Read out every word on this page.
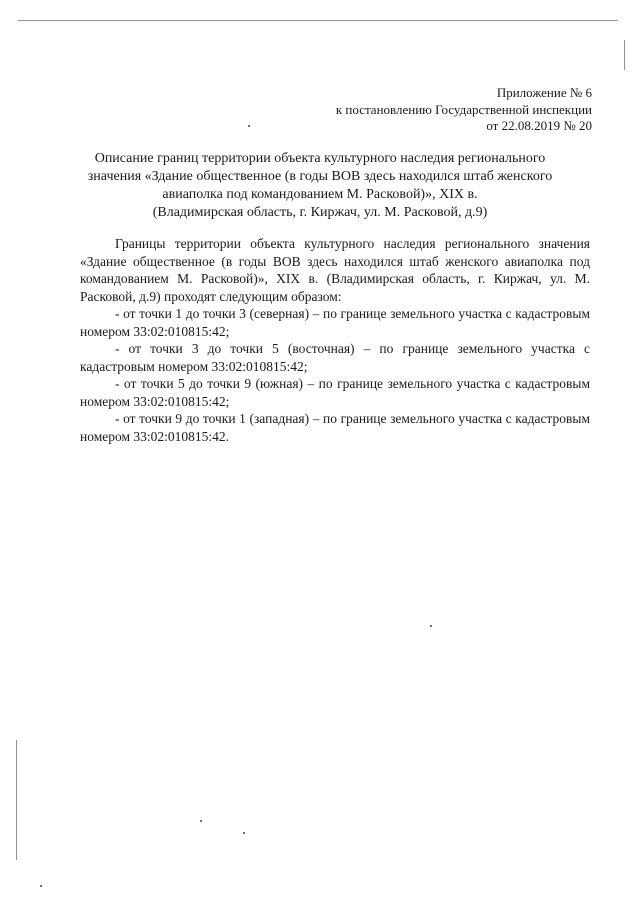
Приложение № 6
к постановлению Государственной инспекции
от 22.08.2019 № 20
Описание границ территории объекта культурного наследия регионального
значения «Здание общественное (в годы ВОВ здесь находился штаб женского
авиаполка под командованием М. Расковой)», XIX в.
(Владимирская область, г. Киржач, ул. М. Расковой, д.9)

Границы территории объекта культурного наследия регионального значения «Здание общественное (в годы ВОВ здесь находился штаб женского авиаполка под командованием М. Расковой)», XIX в. (Владимирская область, г. Киржач, ул. М. Расковой, д.9) проходят следующим образом:

- от точки 1 до точки 3 (северная) – по границе земельного участка с кадастровым номером 33:02:010815:42;

- от точки 3 до точки 5 (восточная) – по границе земельного участка с кадастровым номером 33:02:010815:42;

- от точки 5 до точки 9 (южная) – по границе земельного участка с кадастровым номером 33:02:010815:42;

- от точки 9 до точки 1 (западная) – по границе земельного участка с кадастровым номером 33:02:010815:42.
